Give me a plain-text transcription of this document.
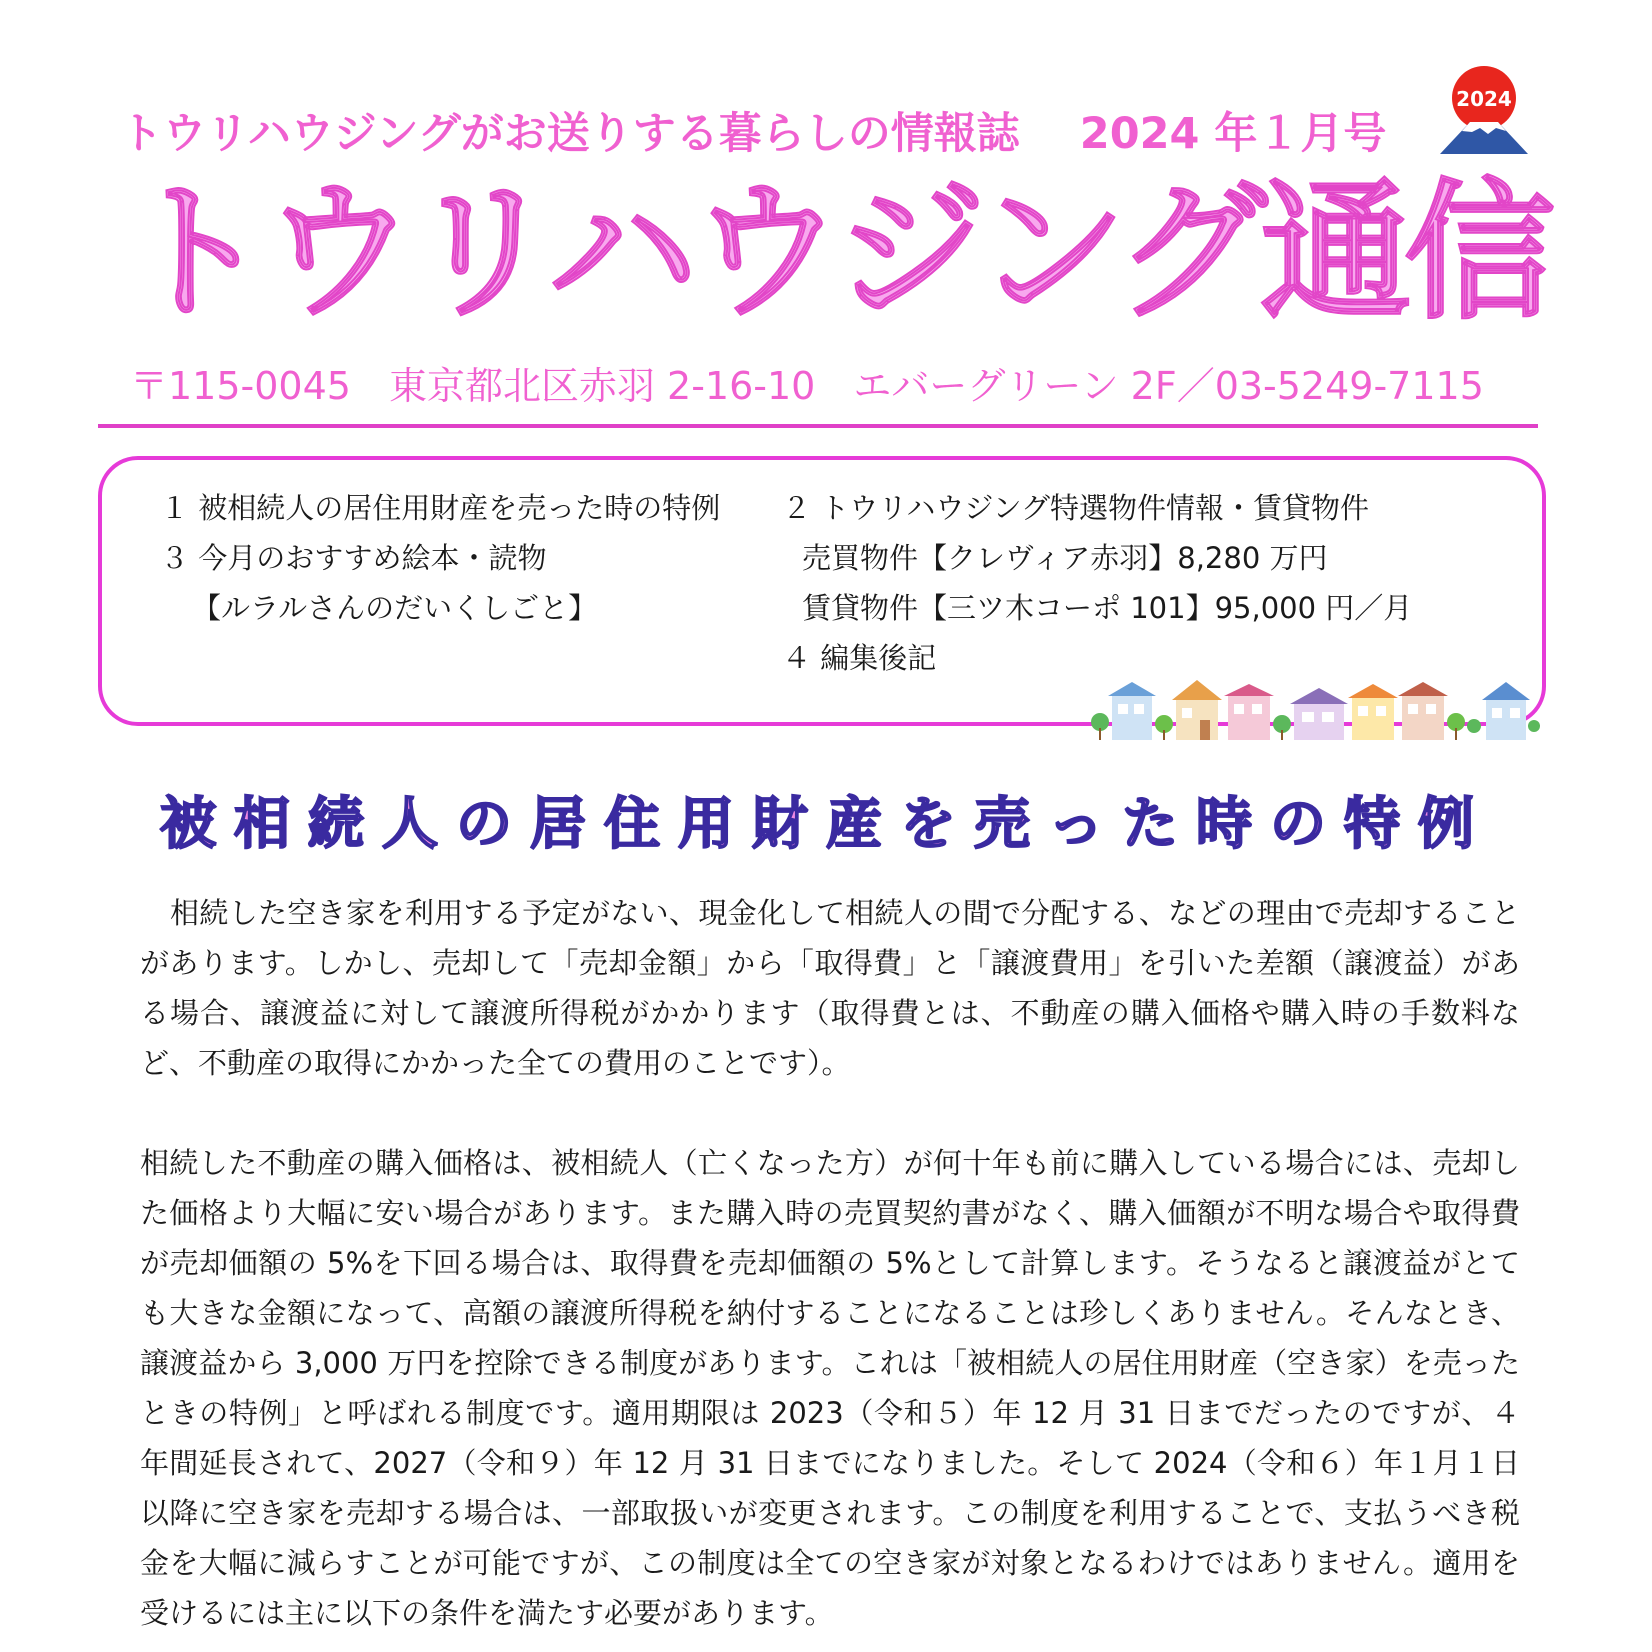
トウリハウジングがお送りする暮らしの情報誌 2024 年１月号
2024
トウリハウジング通信
〒115-0045　東京都北区赤羽 2-16-10　エバーグリーン 2F／03-5249-7115
１ 被相続人の居住用財産を売った時の特例
３ 今月のおすすめ絵本・読物
【ルラルさんのだいくしごと】
２ トウリハウジング特選物件情報・賃貸物件
売買物件【クレヴィア赤羽】8,280 万円
賃貸物件【三ツ木コーポ 101】95,000 円／月
４ 編集後記
被相続人の居住用財産を売った時の特例
相続した空き家を利用する予定がない、現金化して相続人の間で分配する、などの理由で売却することがあります。しかし、売却して「売却金額」から「取得費」と「譲渡費用」を引いた差額（譲渡益）がある場合、譲渡益に対して譲渡所得税がかかります（取得費とは、不動産の購入価格や購入時の手数料など、不動産の取得にかかった全ての費用のことです）。
相続した不動産の購入価格は、被相続人（亡くなった方）が何十年も前に購入している場合には、売却した価格より大幅に安い場合があります。また購入時の売買契約書がなく、購入価額が不明な場合や取得費が売却価額の 5%を下回る場合は、取得費を売却価額の 5%として計算します。そうなると譲渡益がとても大きな金額になって、高額の譲渡所得税を納付することになることは珍しくありません。そんなとき、譲渡益から 3,000 万円を控除できる制度があります。これは「被相続人の居住用財産（空き家）を売ったときの特例」と呼ばれる制度です。適用期限は 2023（令和５）年 12 月 31 日までだったのですが、４年間延長されて、2027（令和９）年 12 月 31 日までになりました。そして 2024（令和６）年１月１日以降に空き家を売却する場合は、一部取扱いが変更されます。この制度を利用することで、支払うべき税金を大幅に減らすことが可能ですが、この制度は全ての空き家が対象となるわけではありません。適用を受けるには主に以下の条件を満たす必要があります。
